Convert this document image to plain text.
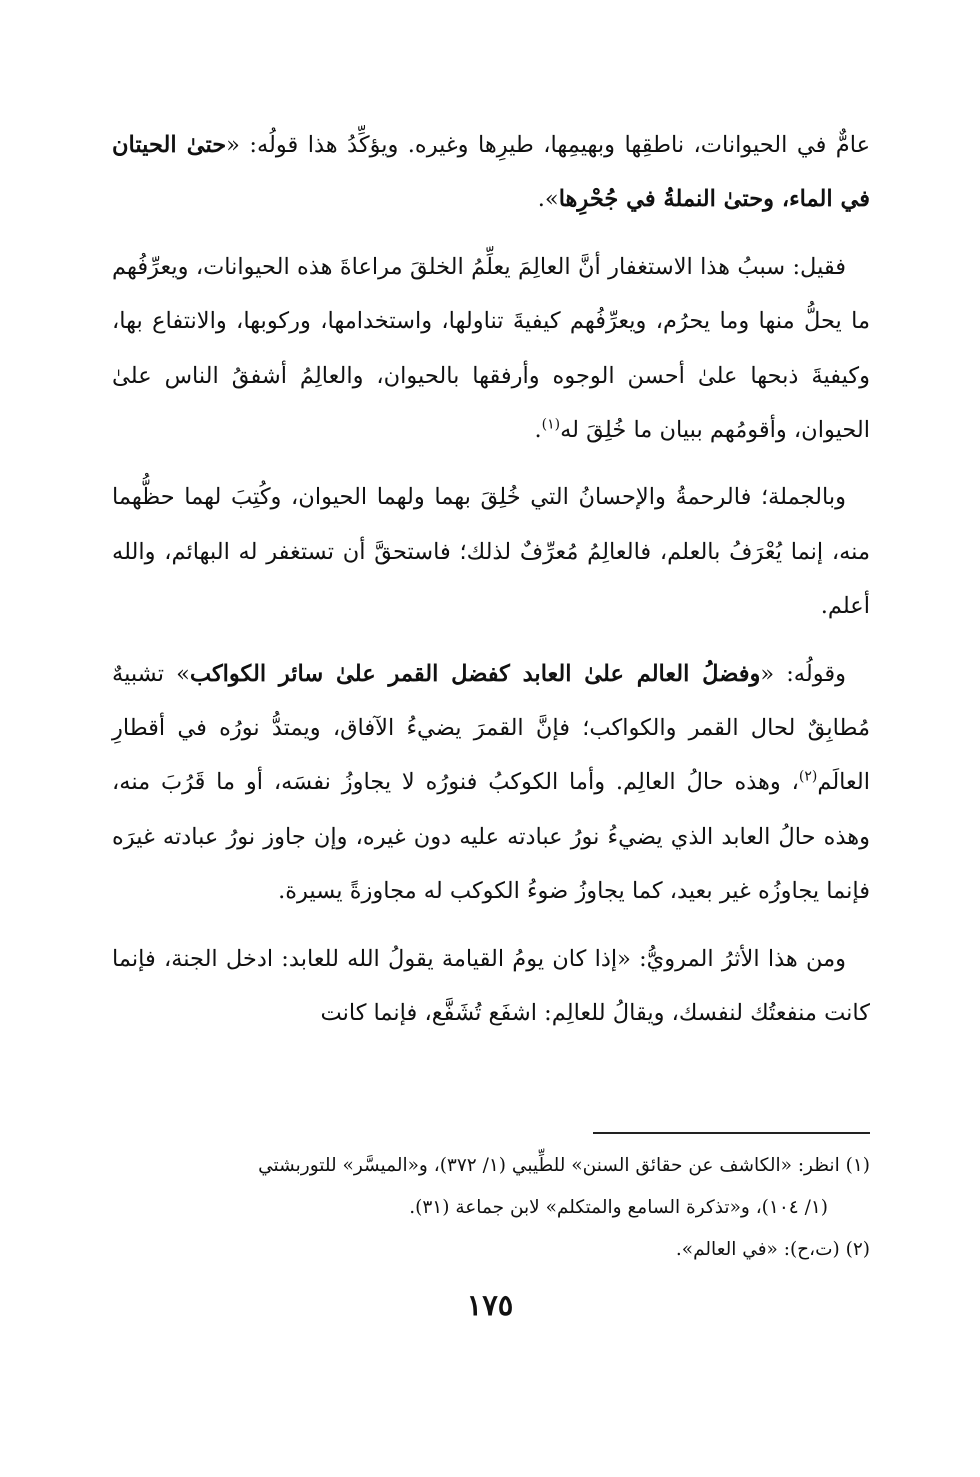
عامٌّ في الحيوانات، ناطقِها وبهيمِها، طيرِها وغيره. ويؤكِّدُ هذا قولُه: «حتىٰ الحيتان في الماء، وحتىٰ النملةُ في جُحْرِها».

فقيل: سببُ هذا الاستغفار أنَّ العالِمَ يعلِّمُ الخلقَ مراعاةَ هذه الحيوانات، ويعرِّفُهم ما يحلُّ منها وما يحرُم، ويعرِّفُهم كيفيةَ تناولها، واستخدامها، وركوبها، والانتفاع بها، وكيفيةَ ذبحها علىٰ أحسن الوجوه وأرفقها بالحيوان، والعالِمُ أشفقُ الناس علىٰ الحيوان، وأقومُهم ببيان ما خُلِقَ له$^{(١)}$.

وبالجملة؛ فالرحمةُ والإحسانُ التي خُلِقَ بهما ولهما الحيوان، وكُتِبَ لهما حظُّهما منه، إنما يُعْرَفُ بالعلم، فالعالِمُ مُعرِّفٌ لذلك؛ فاستحقَّ أن تستغفر له البهائم، والله أعلم.

وقولُه: «وفضلُ العالم علىٰ العابد كفضل القمر علىٰ سائر الكواكب» تشبيهٌ مُطابِقٌ لحال القمر والكواكب؛ فإنَّ القمرَ يضيءُ الآفاق، ويمتدُّ نورُه في أقطارِ العالَم$^{(٢)}$، وهذه حالُ العالِم. وأما الكوكبُ فنورُه لا يجاوزُ نفسَه، أو ما قَرُبَ منه، وهذه حالُ العابد الذي يضيءُ نورُ عبادته عليه دون غيره، وإن جاوز نورُ عبادته غيرَه فإنما يجاوزُه غير بعيد، كما يجاوزُ ضوءُ الكوكب له مجاوزةً يسيرة.

ومن هذا الأثرُ المرويُّ: «إذا كان يومُ القيامة يقولُ الله للعابد: ادخل الجنة، فإنما كانت منفعتُك لنفسك، ويقالُ للعالِم: اشفَع تُشَفَّع، فإنما كانت

(١) انظر: «الكاشف عن حقائق السنن» للطِّيبي (١/ ٣٧٢)، و«الميسَّر» للتوربشتي

(١/ ١٠٤)، و«تذكرة السامع والمتكلم» لابن جماعة (٣١).

(٢) (ت،ح): «في العالم».

١٧٥
